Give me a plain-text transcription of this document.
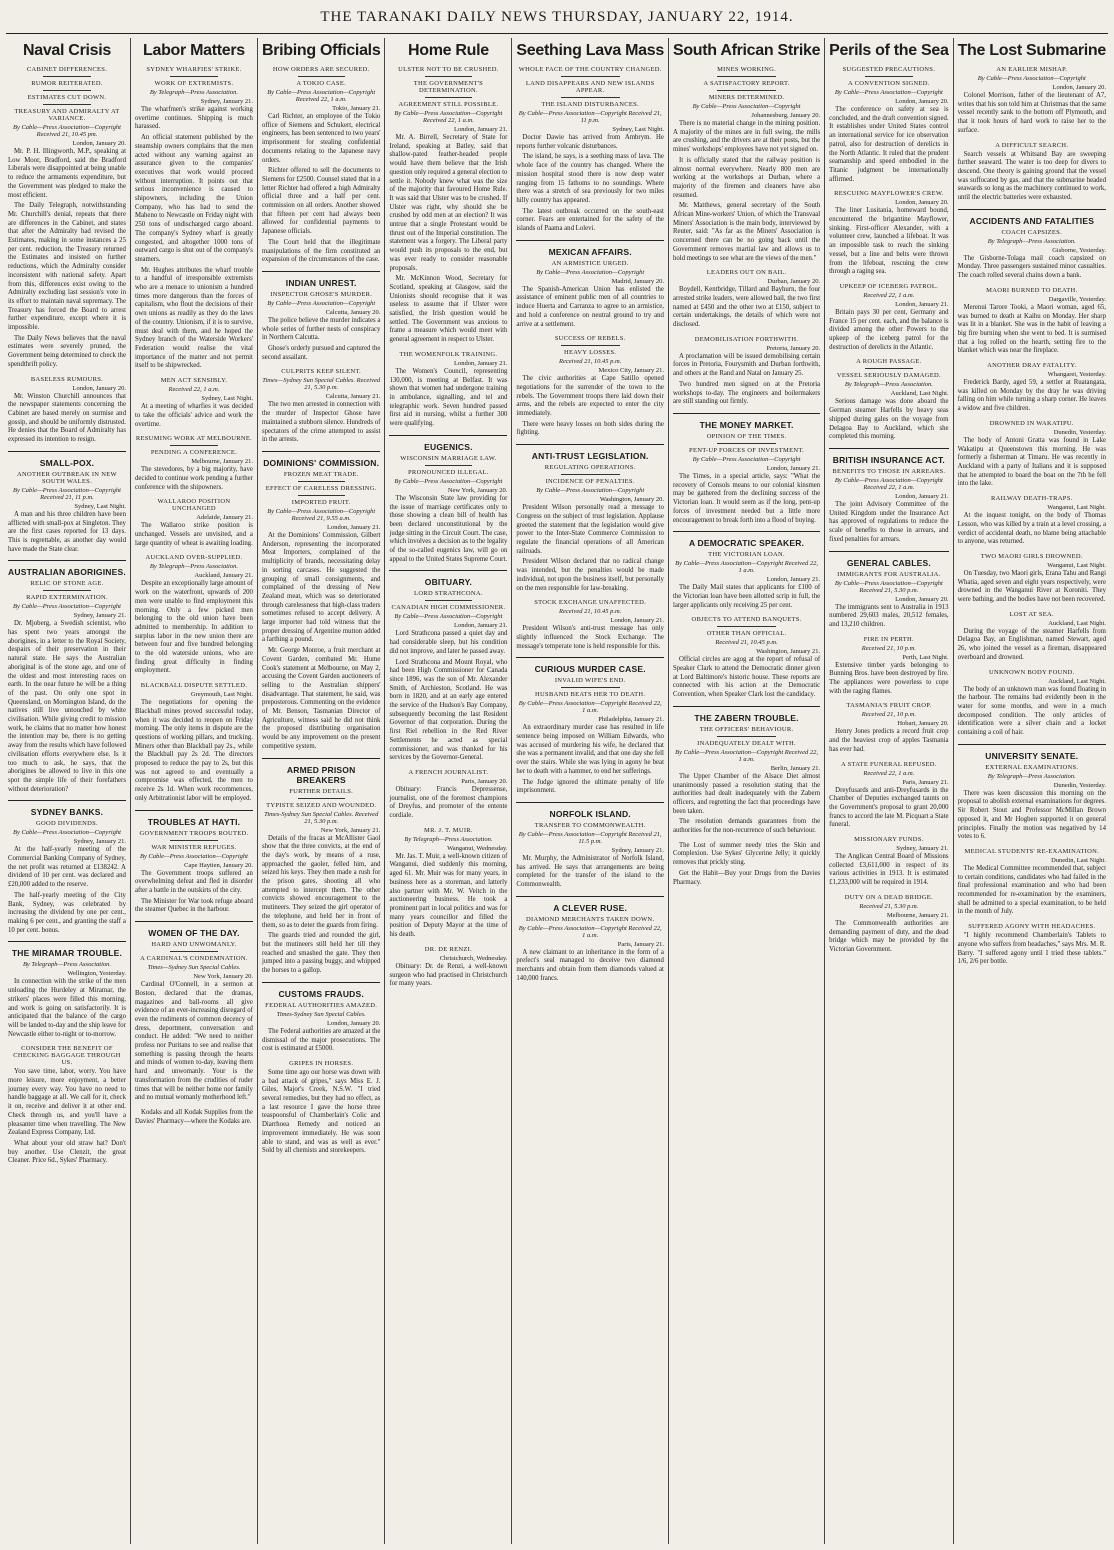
THE TARANAKI DAILY NEWS THURSDAY, JANUARY 22, 1914.
Naval Crisis
CABINET DIFFERENCES.
RUMOR REITERATED.
ESTIMATES CUT DOWN.
TREASURY AND ADMIRALTY AT VARIANCE.
By Cable—Press Association—Copyright Received 21, 10.45 pm.
London, January 20.

Mr. P. H. Illingworth, M.P., speaking at Low Moor, Bradford, said the Bradford Liberals were disappointed at being unable to reduce the armaments expenditure, but the Government was pledged to make the most efficient.

The Daily Telegraph, notwithstanding Mr. Churchill's denial, repeats that there are differences in the Cabinet, and states that after the Admiralty had revised the Estimates, making in some instances a 25 per cent. reduction, the Treasury returned the Estimates and insisted on further reductions, which the Admiralty consider inconsistent with national safety. Apart from this, differences exist owing to the Admiralty excluding last session's vote in its effort to maintain naval supremacy. The Treasury has forced the Board to arrest further expenditure, except where it is impossible.

The Daily News believes that the naval estimates were severely pruned, the Government being determined to check the spendthrift policy.

BASELESS RUMOURS.
London, January 20.

Mr. Winston Churchill announces that the newspaper statements concerning the Cabinet are based merely on surmise and gossip, and should be uniformly distrusted. He denies that the Board of Admiralty has expressed its intention to resign.

SMALL-POX.
ANOTHER OUTBREAK IN NEW SOUTH WALES.
By Cable—Press Association—Copyright Received 21, 11 p.m.
Sydney, Last Night.

A man and his three children have been afflicted with small-pox at Singleton. They are the first cases reported for 13 days. This is regrettable, as another day would have made the State clear.

AUSTRALIAN ABORIGINES.
RELIC OF STONE AGE.
RAPID EXTERMINATION.
By Cable—Press Association—Copyright
Sydney, January 21.

Dr. Mjoberg, a Swedish scientist, who has spent two years amongst the aborigines, in a letter to the Royal Society, despairs of their preservation in their natural state. He says the Australian aboriginal is of the stone age, and one of the oldest and most interesting races on earth. In the near future he will be a thing of the past. On only one spot in Queensland, on Mornington Island, do the natives still live untouched by white civilisation. While giving credit to mission work, he claims that no matter how honest the intention may be, there is no getting away from the results which have followed civilisation efforts everywhere else. Is it too much to ask, he says, that the aborigines be allowed to live in this one spot the simple life of their forefathers without deterioration?

SYDNEY BANKS.
GOOD DIVIDENDS.
By Cable—Press Association—Copyright
Sydney, January 21.

At the half-yearly meeting of the Commercial Banking Company of Sydney, the net profit was returned at £138242. A dividend of 10 per cent. was declared and £20,000 added to the reserve.

The half-yearly meeting of the City Bank, Sydney, was celebrated by increasing the dividend by one per cent., making 6 per cent., and granting the staff a 10 per cent. bonus.

THE MIRAMAR TROUBLE.
By Telegraph—Press Association.
Wellington, Yesterday.

In connection with the strike of the men unloading the Hurdeley at Miramar, the strikers' places were filled this morning, and work is going on satisfactorily. It is anticipated that the balance of the cargo will be landed to-day and the ship leave for Newcastle either to-night or to-morrow.

CONSIDER THE BENEFIT OF CHECKING BAGGAGE THROUGH US.

You save time, labor, worry. You have more leisure, more enjoyment, a better journey every way. You have no need to handle baggage at all. We call for it, check it on, receive and deliver it at other end. Check through us, and you'll have a pleasanter time when travelling. The New Zealand Express Company, Ltd.

What about your old straw hat? Don't buy another. Use Clenzit, the great Cleaner. Price 6d., Sykes' Pharmacy.

Labor Matters
SYDNEY WHARFIES' STRIKE.
WORK OF EXTREMISTS.
By Telegraph—Press Association.
Sydney, January 21.

The wharfmen's strike against working overtime continues. Shipping is much harassed.

An official statement published by the steamship owners complains that the men acted without any warning against an assurance given to the companies' executives that work would proceed without interruption. It points out that serious inconvenience is caused to shipowners, including the Union Company, who has had to send the Maheno to Newcastle on Friday night with 250 tons of undischarged cargo aboard. The company's Sydney wharf is greatly congested, and altogether 1000 tons of outward cargo is shut out of the company's steamers.

Mr. Hughes attributes the wharf trouble to a handful of irresponsible extremists who are a menace to unionism a hundred times more dangerous than the forces of capitalism, who flout the decisions of their own unions as readily as they do the laws of the country. Unionism, if it is to survive, must deal with them, and he hoped the Sydney branch of the Waterside Workers' Federation would realise the vital importance of the matter and not permit itself to be shipwrecked.

MEN ACT SENSIBLY.
Received 22, 1 a.m.
Sydney, Last Night.

At a meeting of wharfies it was decided to take the officials' advice and work the overtime.

RESUMING WORK AT MELBOURNE.
PENDING A CONFERENCE.
Melbourne, January 21.

The stevedores, by a big majority, have decided to continue work pending a further conference with the shipowners.

WALLAROO POSITION UNCHANGED
Adelaide, January 21.

The Wallaroo strike position is unchanged. Vessels are unvisited, and a large quantity of wheat is awaiting loading.

AUCKLAND OVER-SUPPLIED.
By Telegraph—Press Association.
Auckland, January 21.

Despite an exceptionally large amount of work on the waterfront, upwards of 200 men were unable to find employment this morning. Only a few picked men belonging to the old union have been admitted to membership. In addition to surplus labor in the new union there are between four and five hundred belonging to the old waterside unions, who are finding great difficulty in finding employment.

BLACKBALL DISPUTE SETTLED.
Greymouth, Last Night.

The negotiations for opening the Blackball mines proved successful today, when it was decided to reopen on Friday morning. The only items in dispute are the questions of working pillars, and trucking. Miners other than Blackball pay 2s., while the Blackball pay 2s 2d. The directors proposed to reduce the pay to 2s, but this was not agreed to and eventually a compromise was effected, the men to receive 2s 1d. When work recommences, only Arbitrationist labor will be employed.

TROUBLES AT HAYTI.
GOVERNMENT TROOPS ROUTED.
WAR MINISTER REFUGES.
By Cable—Press Association—Copyright
Cape Haytien, January 20.

The Government troops suffered an overwhelming defeat and fled in disorder after a battle in the outskirts of the city.

The Minister for War took refuge aboard the steamer Quebec in the harbour.

WOMEN OF THE DAY.
HARD AND UNWOMANLY.
A CARDINAL'S CONDEMNATION.
Times—Sydney Sun Special Cables.
New York, January 20.

Cardinal O'Connell, in a sermon at Boston, declared that the dramas, magazines and ball-rooms all give evidence of an ever-increasing disregard of even the rudiments of common decency of dress, deportment, conversation and conduct. He added: "We need to neither profess nor Puritans to see and realise that something is passing through the hearts and minds of women to-day, leaving them hard and unwomanly. Your is the transformation from the crudities of ruder times that will be neither home nor family and no mutual womanly motherhood left."

Kodaks and all Kodak Supplies from the Davies' Pharmacy—where the Kodaks are.

Bribing Officials
HOW ORDERS ARE SECURED.
A TOKIO CASE.
By Cable—Press Association—Copyright Received 22, 1 a.m.
Tokio, January 21.

Carl Richter, an employee of the Tokio office of Siemens and Schukert, electrical engineers, has been sentenced to two years' imprisonment for stealing confidential documents relating to the Japanese navy orders.

Richter offered to sell the documents to Siemens for £2500. Counsel stated that in a letter Richter had offered a high Admiralty official three and a half per cent. commission on all orders. Another showed that fifteen per cent had always been allowed for confidential payments to Japanese officials.

The Court held that the illegitimate manipulations of the firm constituted an expansion of the circumstances of the case.

INDIAN UNREST.
INSPECTOR GHOSE'S MURDER.
By Cable—Press Association—Copyright
Calcutta, January 20.

The police believe the murder indicates a whole series of further nests of conspiracy in Northern Calcutta.

Ghose's orderly pursued and captured the second assailant.

CULPRITS KEEP SILENT.
Times—Sydney Sun Special Cables. Received 21, 5.30 p.m.
Calcutta, January 21.

The two men arrested in connection with the murder of Inspector Ghose have maintained a stubborn silence. Hundreds of spectators of the crime attempted to assist in the arrests.

DOMINIONS' COMMISSION.
FROZEN MEAT TRADE.
EFFECT OF CARELESS DRESSING.
IMPORTED FRUIT.
By Cable—Press Association—Copyright Received 21, 9.55 a.m.
London, January 21.

At the Dominions' Commission, Gilbert Anderson, representing the incorporated Meat Importers, complained of the multiplicity of brands, necessitating delay in sorting carcases. He suggested the grouping of small consignments, and complained of the dressing of New Zealand meat, which was so deteriorated through carelessness that high-class traders sometimes refused to accept delivery. A large importer had told witness that the proper dressing of Argentine mutton added a farthing a pound.

Mr. George Monroe, a fruit merchant at Covent Garden, combated Mr. Hume Cook's statement at Melbourne, on May 2, accusing the Covent Garden auctioneers of selling to the Australian shippers' disadvantage. That statement, he said, was preposterous. Commenting on the evidence of Mr. Benson, Tasmanian Director of Agriculture, witness said he did not think the proposed distributing organisation would be any improvement on the present competitive system.

ARMED PRISON BREAKERS
FURTHER DETAILS.
TYPISTE SEIZED AND WOUNDED.
Times-Sydney Sun Special Cables. Received 21, 5.30 p.m.
New York, January 21.

Details of the fracas at McAllister Gaol show that the three convicts, at the end of the day's work, by means of a ruse, approached the gaoler, felled him, and seized his keys. They then made a rush for the prison gates, shooting all who attempted to intercept them. The other convicts showed encouragement to the mutineers. They seized the girl operator of the telephone, and held her in front of them, so as to deter the guards from firing.

The guards tried and rounded the girl, but the mutineers still held her till they reached and smashed the gate. They then jumped into a passing buggy, and whipped the horses to a gallop.

CUSTOMS FRAUDS.
FEDERAL AUTHORITIES AMAZED.
Times-Sydney Sun Special Cables.
London, January 20.

The Federal authorities are amazed at the dismissal of the major prosecutions. The cost is estimated at £5000.

GRIPES IN HORSES.

Some time ago our horse was down with a bad attack of gripes," says Miss E. J. Giles, Major's Creek, N.S.W. "I tried several remedies, but they had no effect, as a last resource I gave the horse three teaspoonsful of Chamberlain's Colic and Diarrhoea Remedy and noticed an improvement immediately. He was soon able to stand, and was as well as ever." Sold by all chemists and storekeepers.

Home Rule
ULSTER NOT TO BE CRUSHED.
THE GOVERNMENT'S DETERMINATION.
AGREEMENT STILL POSSIBLE.
By Cable—Press Association—Copyright Received 22, 1 a.m.
London, January 21.

Mr. A. Birrell, Secretary of State for Ireland, speaking at Batley, said that shallow-pated feather-headed people would have them believe that the Irish question only required a general election to settle it. Nobody knew what was the size of the majority that favoured Home Rule. It was said that Ulster was to be crushed. If Ulster was right, why should she be crushed by odd men at an election? It was untrue that a single Protestant would be thrust out of the Imperial constitution. The statement was a forgery. The Liberal party would push its proposals to the end, but was ever ready to consider reasonable proposals.

Mr. McKinnon Wood, Secretary for Scotland, speaking at Glasgow, said the Unionists should recognise that it was useless to assume that if Ulster were satisfied, the Irish question would be settled. The Government was anxious to frame a measure which would meet with general agreement in respect to Ulster.

THE WOMENFOLK TRAINING.
London, January 21.

The Women's Council, representing 130,000, is meeting at Belfast. It was shown that women had undergone training in ambulance, signalling, and tel and telegraphic work. Seven hundred passed first aid in nursing, whilst a further 300 were qualifying.

EUGENICS.
WISCONSIN MARRIAGE LAW.
PRONOUNCED ILLEGAL.
By Cable—Press Association—Copyright
New York, January 20.

The Wisconsin State law providing for the issue of marriage certificates only to those showing a clean bill of health has been declared unconstitutional by the judge sitting in the Circuit Court. The case, which involves a decision as to the legality of the so-called eugenics law, will go on appeal to the United States Supreme Court.

OBITUARY.
LORD STRATHCONA.
CANADIAN HIGH COMMISSIONER.
By Cable—Press Association—Copyright
London, January 21.

Lord Strathcona passed a quiet day and had considerable sleep, but his condition did not improve, and later he passed away.

Lord Strathcona and Mount Royal, who had been High Commissioner for Canada since 1896, was the son of Mr. Alexander Smith, of Archieston, Scotland. He was born in 1820, and at an early age entered the service of the Hudson's Bay Company, subsequently becoming the last Resident Governor of that corporation. During the first Riel rebellion in the Red River Settlements he acted as special commissioner, and was thanked for his services by the Governor-General.

A FRENCH JOURNALIST.
Paris, January 20.

Obituary: Francis Depressense, journalist, one of the foremost champions of Dreyfus, and promoter of the entente cordiale.

MR. J. T. MUIR.
By Telegraph—Press Association.
Wanganui, Wednesday.

Mr. Jas. T. Muir, a well-known citizen of Wanganui, died suddenly this morning, aged 61. Mr. Muir was for many years, in business here as a storeman, and latterly also partner with Mr. W. Veitch in the auctioneering business. He took a prominent part in local politics and was for many years councillor and filled the position of Deputy Mayor at the time of his death.

DR. DE RENZI.
Christchurch, Wednesday.

Obituary: Dr. de Renzi, a well-known surgeon who had practised in Christchurch for many years.

Seething Lava Mass
WHOLE FACE OF THE COUNTRY CHANGED.
LAND DISAPPEARS AND NEW ISLANDS APPEAR.
THE ISLAND DISTURBANCES.
By Cable—Press Association—Copyright Received 21, 11 p.m.
Sydney, Last Night.

Doctor Dawie has arrived from Ambrym. He reports further volcanic disturbances.

The island, he says, is a seething mass of lava. The whole face of the country has changed. Where the mission hospital stood there is now deep water ranging from 15 fathoms to no soundings. Where there was a stretch of sea previously for two miles hilly country has appeared.

The latest outbreak occurred on the south-east corner. Fears are entertained for the safety of the islands of Paama and Lolevi.

MEXICAN AFFAIRS.
AN ARMISTICE URGED.
By Cable—Press Association—Copyright
Madrid, January 20.

The Spanish-American Union has enlisted the assistance of eminent public men of all countries to induce Huerta and Carranza to agree to an armistice, and hold a conference on neutral ground to try and arrive at a settlement.

SUCCESS OF REBELS.
HEAVY LOSSES.
Received 21, 10.45 p.m.
Mexico City, January 21.

The civic authorities at Cape Satillo opened negotiations for the surrender of the town to the rebels. The Government troops there laid down their arms, and the rebels are expected to enter the city immediately.

There were heavy losses on both sides during the fighting.

ANTI-TRUST LEGISLATION.
REGULATING OPERATIONS.
INCIDENCE OF PENALTIES.
By Cable—Press Association—Copyright
Washington, January 20.

President Wilson personally read a message to Congress on the subject of trust legislation. Applause greeted the statement that the legislation would give power to the Inter-State Commerce Commission to regulate the financial operations of all American railroads.

President Wilson declared that no radical change was intended, but the penalties would be made individual, not upon the business itself, but personally on the men responsible for law-breaking.

STOCK EXCHANGE UNAFFECTED.
Received 21, 10.45 p.m.
London, January 21.

President Wilson's anti-trust message has only slightly influenced the Stock Exchange. The message's temperate tone is held responsible for this.

CURIOUS MURDER CASE.
INVALID WIFE'S END.
HUSBAND BEATS HER TO DEATH.
By Cable—Press Association—Copyright Received 22, 1 a.m.
Philadelphia, January 21.

An extraordinary murder case has resulted in life sentence being imposed on William Edwards, who was accused of murdering his wife, he declared that she was a permanent invalid, and that one day she fell over the stairs. While she was lying in agony he beat her to death with a hammer, to end her sufferings.

The Judge ignored the ultimate penalty of life imprisonment.

NORFOLK ISLAND.
TRANSFER TO COMMONWEALTH.
By Cable—Press Association—Copyright Received 21, 11.5 p.m.
Sydney, January 21.

Mr. Murphy, the Administrator of Norfolk Island, has arrived. He says that arrangements are being completed for the transfer of the island to the Commonwealth.

A CLEVER RUSE.
DIAMOND MERCHANTS TAKEN DOWN.
By Cable—Press Association—Copyright Received 22, 1 a.m.
Paris, January 21.

A new claimant to an inheritance in the form of a prefect's seal managed to deceive two diamond merchants and obtain from them diamonds valued at 140,000 francs.

South African Strike
MINES WORKING.
A SATISFACTORY REPORT.
MINERS DETERMINED.
By Cable—Press Association—Copyright
Johannesburg, January 20.

There is no material change in the mining position. A majority of the mines are in full swing, the mills are crushing, and the drivers are at their posts, but the mines' workshops' employees have not yet signed on.

It is officially stated that the railway position is almost normal everywhere. Nearly 800 men are working at the workshops at Durban, where a majority of the firemen and cleaners have also resumed.

Mr. Matthews, general secretary of the South African Mine-workers' Union, of which the Transvaal Miners' Association is the main body, interviewed by Reuter, said: "As far as the Miners' Association is concerned there can be no going back until the Government removes martial law and allows us to hold meetings to see what are the views of the men."

LEADERS OUT ON BAIL.
Durban, January 20.

Boydell, Kentbridge, Tillard and Bayhurn, the four arrested strike leaders, were allowed bail, the two first named at £450 and the other two at £150, subject to certain undertakings, the details of which were not disclosed.

DEMOBILISATION FORTHWITH.
Pretoria, January 20.

A proclamation will be issued demobilising certain forces in Pretoria, Fourysmith and Durban forthwith, and others at the Rand and Natal on January 25.

Two hundred men signed on at the Pretoria workshops to-day. The engineers and boilermakers are still standing out firmly.

THE MONEY MARKET.
OPINION OF THE TIMES.
PENT-UP FORCES OF INVESTMENT.
By Cable—Press Association—Copyright
London, January 21.

The Times, in a special article, says: "What the recovery of Consols means to our colonial kinsmen may be gathered from the declining success of the Victorian loan. It would seem as if the long, pent-up forces of investment needed but a little more encouragement to break forth into a flood of buying.

A DEMOCRATIC SPEAKER.
THE VICTORIAN LOAN.
By Cable—Press Association—Copyright Received 22, 1 a.m.
London, January 21.

The Daily Mail states that applicants for £100 of the Victorian loan have been allotted scrip in full, the larger applicants only receiving 25 per cent.

OBJECTS TO ATTEND BANQUETS.
OTHER THAN OFFICIAL.
Received 21, 10.45 p.m.
Washington, January 21.

Official circles are agog at the report of refusal of Speaker Clark to attend the Democratic dinner given at Lord Baltimore's historic house. These reports are connected with his action at the Democratic Convention, when Speaker Clark lost the candidacy.

THE ZABERN TROUBLE.
THE OFFICERS' BEHAVIOUR.
INADEQUATELY DEALT WITH.
By Cable—Press Association—Copyright Received 22, 1 a.m.
Berlin, January 21.

The Upper Chamber of the Alsace Diet almost unanimously passed a resolution stating that the authorities had dealt inadequately with the Zabern officers, and regretting the fact that proceedings have been taken.

The resolution demands guarantees from the authorities for the non-recurrence of such behaviour.

The Lost of summer needy tries the Skin and Complexion. Use Sykes' Glycerine Jelly; it quickly removes that prickly sting.

Get the Habit—Buy your Drugs from the Davies Pharmacy.

Perils of the Sea
SUGGESTED PRECAUTIONS.
A CONVENTION SIGNED.
By Cable—Press Association—Copyright
London, January 20.

The conference on safety at sea is concluded, and the draft convention signed. It establishes under United States control an international service for ice observation patrol, also for destruction of derelicts in the North Atlantic. It ruled that the prudent seamanship and speed embodied in the Titanic judgment be internationally affirmed.

RESCUING MAYFLOWER'S CREW.
London, January 20.

The liner Lusitania, homeward bound, encountered the brigantine Mayflower, sinking. First-officer Alexander, with a volunteer crew, launched a lifeboat. It was an impossible task to reach the sinking vessel, but a line and belts were thrown from the lifeboat, rescuing the crew through a raging sea.

UPKEEP OF ICEBERG PATROL.
Received 22, 1 a.m.
London, January 21.

Britain pays 30 per cent, Germany and France 15 per cent. each, and the balance is divided among the other Powers to the upkeep of the iceberg patrol for the destruction of derelicts in the Atlantic.

A ROUGH PASSAGE.
VESSEL SERIOUSLY DAMAGED.
By Telegraph—Press Association.
Auckland, Last Night.

Serious damage was done aboard the German steamer Harfells by heavy seas shipped during gales on the voyage from Delagoa Bay to Auckland, which she completed this morning.

BRITISH INSURANCE ACT.
BENEFITS TO THOSE IN ARREARS.
By Cable—Press Association—Copyright Received 22, 1 a.m.
London, January 21.

The joint Advisory Committee of the United Kingdom under the Insurance Act has approved of regulations to reduce the scale of benefits to those in arrears, and fixed penalties for arrears.

GENERAL CABLES.
IMMIGRANTS FOR AUSTRALIA.
By Cable—Press Association—Copyright Received 21, 5.30 p.m.
London, January 20.

The immigrants sent to Australia in 1913 numbered 29,603 males, 20,512 females, and 13,210 children.

FIRE IN PERTH.
Received 21, 10 p.m.
Perth, Last Night.

Extensive timber yards belonging to Bunning Bros. have been destroyed by fire. The appliances were powerless to cope with the raging flames.

TASMANIA'S FRUIT CROP.
Received 21, 10 p.m.
Hobart, January 20.

Henry Jones predicts a record fruit crop and the heaviest crop of apples Tasmania has ever had.

A STATE FUNERAL REFUSED.
Received 22, 1 a.m.
Paris, January 21.

Dreyfusards and anti-Dreyfusards in the Chamber of Deputies exchanged taunts on the Government's proposal to grant 20,000 francs to accord the late M. Picquart a State funeral.

MISSIONARY FUNDS.
Sydney, January 21.

The Anglican Central Board of Missions collected £3,611,000 in respect of its various activities in 1913. It is estimated £1,233,000 will be required in 1914.

DUTY ON A DEAD BRIDGE.
Received 21, 5.30 p.m.
Melbourne, January 21.

The Commonwealth authorities are demanding payment of duty, and the dead bridge which may be provided by the Victorian Government.

The Lost Submarine
AN EARLIER MISHAP.
By Cable—Press Association—Copyright
London, January 20.

Colonel Morrison, father of the lieutenant of A7, writes that his son told him at Christmas that the same vessel recently sank to the bottom off Plymouth, and that it took hours of hard work to raise her to the surface.

A DIFFICULT SEARCH.

Search vessels at Whitsand Bay are sweeping further seaward. The water is too deep for divers to descend. One theory is gaining ground that the vessel was suffocated by gas, and that the submarine headed seawards so long as the machinery continued to work, until the electric batteries were exhausted.

ACCIDENTS AND FATALITIES
COACH CAPSIZES.
By Telegraph—Press Association.
Gisborne, Yesterday.

The Gisborne-Tolaga mail coach capsized on Monday. Three passengers sustained minor casualties. The coach rolled several chains down a bank.

MAORI BURNED TO DEATH.
Dargaville, Yesterday.

Merenui Tarore Tooki, a Maori woman, aged 65, was burned to death at Kaihu on Monday. Her sharp was lit in a blanket. She was in the habit of leaving a big fire burning when she went to bed. It is surmised that a log rolled on the hearth, setting fire to the blanket which was near the fireplace.

ANOTHER DRAY FATALITY.
Whangarei, Yesterday.

Frederick Bardy, aged 59, a settler at Ruatangata, was killed on Monday by the dray he was driving falling on him while turning a sharp corner. He leaves a widow and five children.

DROWNED IN WAKATIPU.
Dunedin, Yesterday.

The body of Antoni Gratta was found in Lake Wakatipu at Queenstown this morning. He was formerly a fisherman at Timaru. He was recently in Auckland with a party of Italians and it is supposed that he attempted to board the boat on the 7th he fell into the lake.

RAILWAY DEATH-TRAPS.
Wanganui, Last Night.

At the inquest tonight, on the body of Thomas Lesson, who was killed by a train at a level crossing, a verdict of accidental death, no blame being attachable to anyone, was returned.

TWO MAORI GIRLS DROWNED.
Wanganui, Last Night.

On Tuesday, two Maori girls, Erana Tahu and Rangi Whatia, aged seven and eight years respectively, were drowned in the Wanganui River at Koroniti. They were bathing, and the bodies have not been recovered.

LOST AT SEA.
Auckland, Last Night.

During the voyage of the steamer Harfells from Delagoa Bay, an Englishman, named Stewart, aged 26, who joined the vessel as a fireman, disappeared overboard and drowned.

UNKNOWN BODY FOUND.
Auckland, Last Night.

The body of an unknown man was found floating in the harbour. The remains had evidently been in the water for some months, and were in a much decomposed condition. The only articles of identification were a silver chain and a locket containing a coil of hair.

UNIVERSITY SENATE.
EXTERNAL EXAMINATIONS.
By Telegraph—Press Association.
Dunedin, Yesterday.

There was keen discussion this morning on the proposal to abolish external examinations for degrees. Sir Robert Stout and Professor McMillan Brown opposed it, and Mr Hogben supported it on general principles. Finally the motion was negatived by 14 votes to 6.

MEDICAL STUDENTS' RE-EXAMINATION.
Dunedin, Last Night.

The Medical Committee recommended that, subject to certain conditions, candidates who had failed in the final professional examination and who had been recommended for re-examination by the examiners, shall be admitted to a special examination, to be held in the month of July.

SUFFERED AGONY WITH HEADACHES.

"I highly recommend Chamberlain's Tablets to anyone who suffers from headaches," says Mrs. M. R. Barry. "I suffered agony until I tried these tablets." 1/6, 2/6 per bottle.
